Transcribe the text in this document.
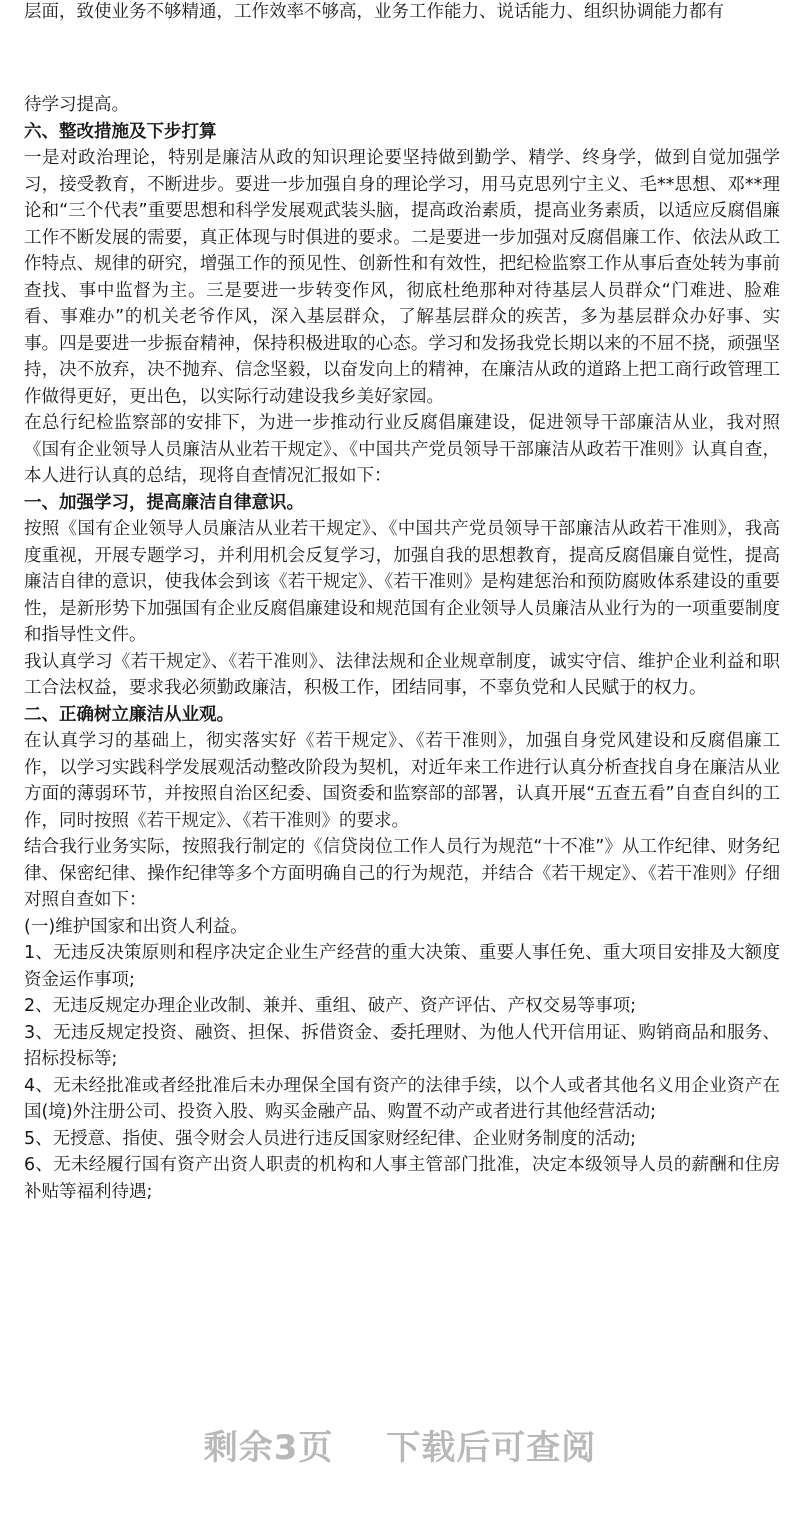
层面，致使业务不够精通，工作效率不够高，业务工作能力、说话能力、组织协调能力都有

待学习提高。

六、整改措施及下步打算

一是对政治理论，特别是廉洁从政的知识理论要坚持做到勤学、精学、终身学，做到自觉加强学习，接受教育，不断进步。要进一步加强自身的理论学习，用马克思列宁主义、毛**思想、邓**理论和“三个代表”重要思想和科学发展观武装头脑，提高政治素质，提高业务素质，以适应反腐倡廉工作不断发展的需要，真正体现与时俱进的要求。二是要进一步加强对反腐倡廉工作、依法从政工作特点、规律的研究，增强工作的预见性、创新性和有效性，把纪检监察工作从事后查处转为事前查找、事中监督为主。三是要进一步转变作风，彻底杜绝那种对待基层人员群众“门难进、脸难看、事难办”的机关老爷作风，深入基层群众，了解基层群众的疾苦，多为基层群众办好事、实事。四是要进一步振奋精神，保持积极进取的心态。学习和发扬我党长期以来的不屈不挠，顽强坚持，决不放弃，决不抛弃、信念坚毅，以奋发向上的精神，在廉洁从政的道路上把工商行政管理工作做得更好，更出色，以实际行动建设我乡美好家园。

在总行纪检监察部的安排下，为进一步推动行业反腐倡廉建设，促进领导干部廉洁从业，我对照《国有企业领导人员廉洁从业若干规定》、《中国共产党员领导干部廉洁从政若干准则》认真自查，本人进行认真的总结，现将自查情况汇报如下：

一、加强学习，提高廉洁自律意识。

按照《国有企业领导人员廉洁从业若干规定》、《中国共产党员领导干部廉洁从政若干准则》，我高度重视，开展专题学习，并利用机会反复学习，加强自我的思想教育，提高反腐倡廉自觉性，提高廉洁自律的意识，使我体会到该《若干规定》、《若干准则》是构建惩治和预防腐败体系建设的重要性，是新形势下加强国有企业反腐倡廉建设和规范国有企业领导人员廉洁从业行为的一项重要制度和指导性文件。

我认真学习《若干规定》、《若干准则》、法律法规和企业规章制度，诚实守信、维护企业利益和职工合法权益，要求我必须勤政廉洁，积极工作，团结同事，不辜负党和人民赋于的权力。

二、正确树立廉洁从业观。

在认真学习的基础上，彻实落实好《若干规定》、《若干准则》，加强自身党风建设和反腐倡廉工作，以学习实践科学发展观活动整改阶段为契机，对近年来工作进行认真分析查找自身在廉洁从业方面的薄弱环节，并按照自治区纪委、国资委和监察部的部署，认真开展“五查五看”自查自纠的工作，同时按照《若干规定》、《若干准则》的要求。

结合我行业务实际，按照我行制定的《信贷岗位工作人员行为规范“十不准”》从工作纪律、财务纪律、保密纪律、操作纪律等多个方面明确自己的行为规范，并结合《若干规定》、《若干准则》仔细对照自查如下：

(一)维护国家和出资人利益。

1、无违反决策原则和程序决定企业生产经营的重大决策、重要人事任免、重大项目安排及大额度资金运作事项;

2、无违反规定办理企业改制、兼并、重组、破产、资产评估、产权交易等事项;

3、无违反规定投资、融资、担保、拆借资金、委托理财、为他人代开信用证、购销商品和服务、招标投标等;

4、无未经批准或者经批准后未办理保全国有资产的法律手续，以个人或者其他名义用企业资产在国(境)外注册公司、投资入股、购买金融产品、购置不动产或者进行其他经营活动;

5、无授意、指使、强令财会人员进行违反国家财经纪律、企业财务制度的活动;

6、无未经履行国有资产出资人职责的机构和人事主管部门批准，决定本级领导人员的薪酬和住房补贴等福利待遇;

剩余3页 下载后可查阅
